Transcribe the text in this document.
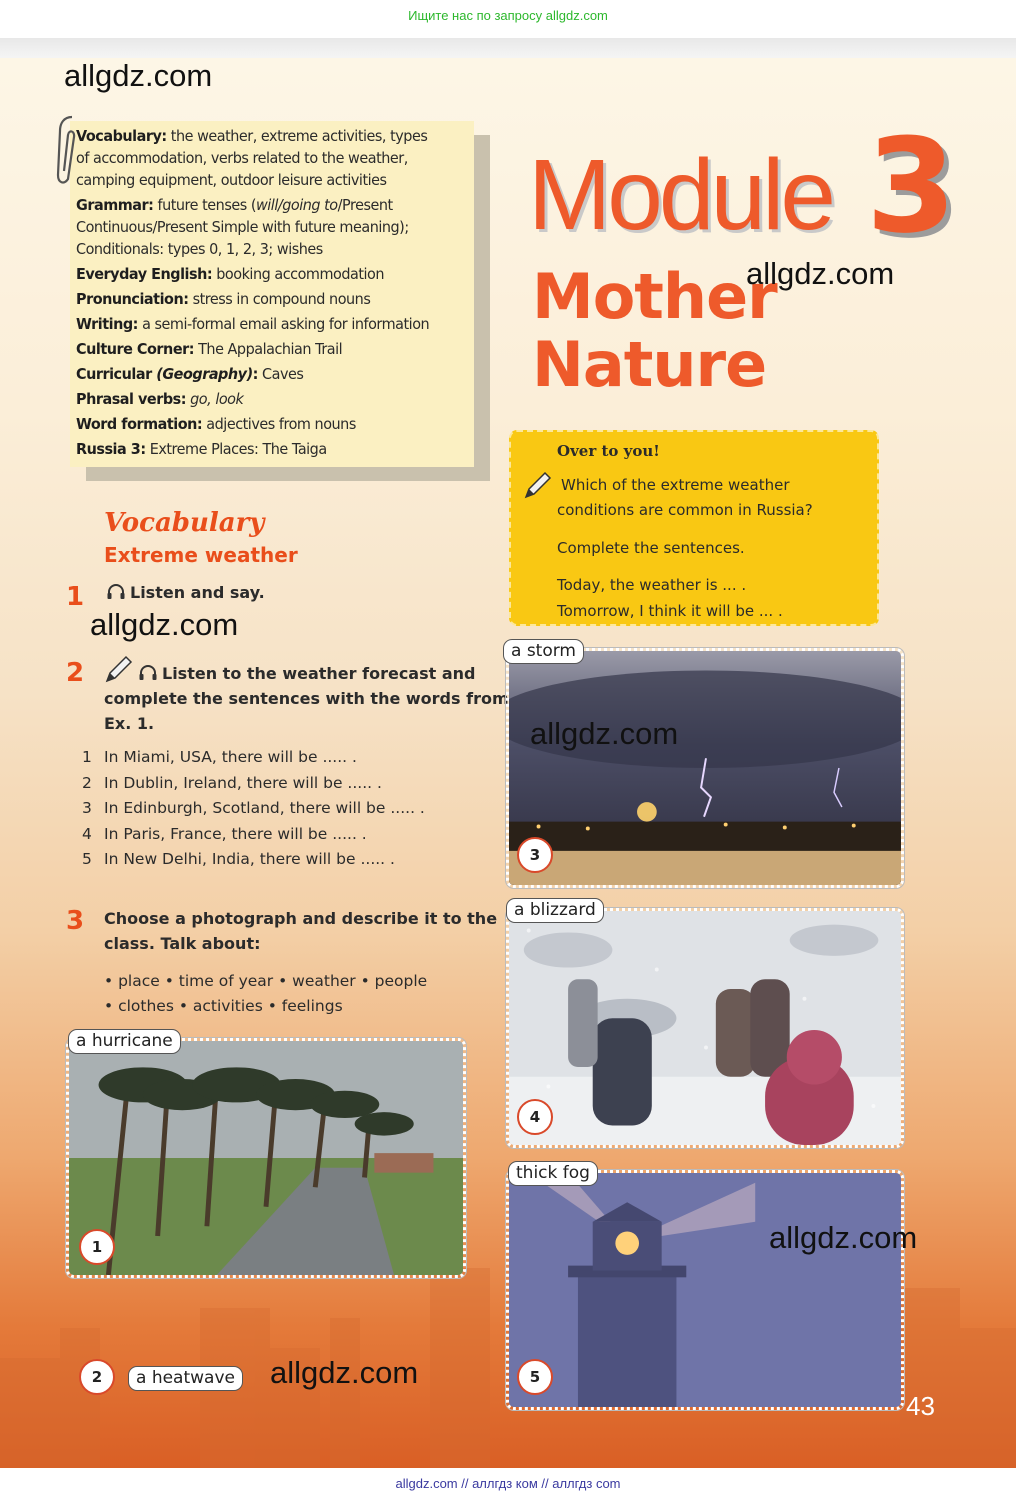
Ищите нас по запросу allgdz.com
allgdz.com

Vocabulary: the weather, extreme activities, types

of accommodation, verbs related to the weather,

camping equipment, outdoor leisure activities

Grammar: future tenses (will/going to/Present

Continuous/Present Simple with future meaning);

Conditionals: types 0, 1, 2, 3; wishes

Everyday English: booking accommodation

Pronunciation: stress in compound nouns

Writing: a semi-formal email asking for information

Culture Corner: The Appalachian Trail

Curricular (Geography): Caves

Phrasal verbs: go, look

Word formation: adjectives from nouns

Russia 3: Extreme Places: The Taiga

Module 3
Mother
Nature
allgdz.com
Over to you!
Which of the extreme weather
conditions are common in Russia?
Complete the sentences.
Today, the weather is ... .
Tomorrow, I think it will be ... .
Vocabulary
Extreme weather
1	Listen and say.
allgdz.com
2	Listen to the weather forecast and
complete the sentences with the words from
Ex. 1.
1 In Miami, USA, there will be ..... .
2 In Dublin, Ireland, there will be ..... .
3 In Edinburgh, Scotland, there will be ..... .
4 In Paris, France, there will be ..... .
5 In New Delhi, India, there will be ..... .
3 Choose a photograph and describe it to the
class. Talk about:
• place • time of year • weather • people
• clothes • activities • feelings
a hurricane
1
2	a heatwave allgdz.com
a storm
3
allgdz.com
a blizzard
4
thick fog
5
allgdz.com
43
allgdz.com // аллгдз ком // аллгдз com
